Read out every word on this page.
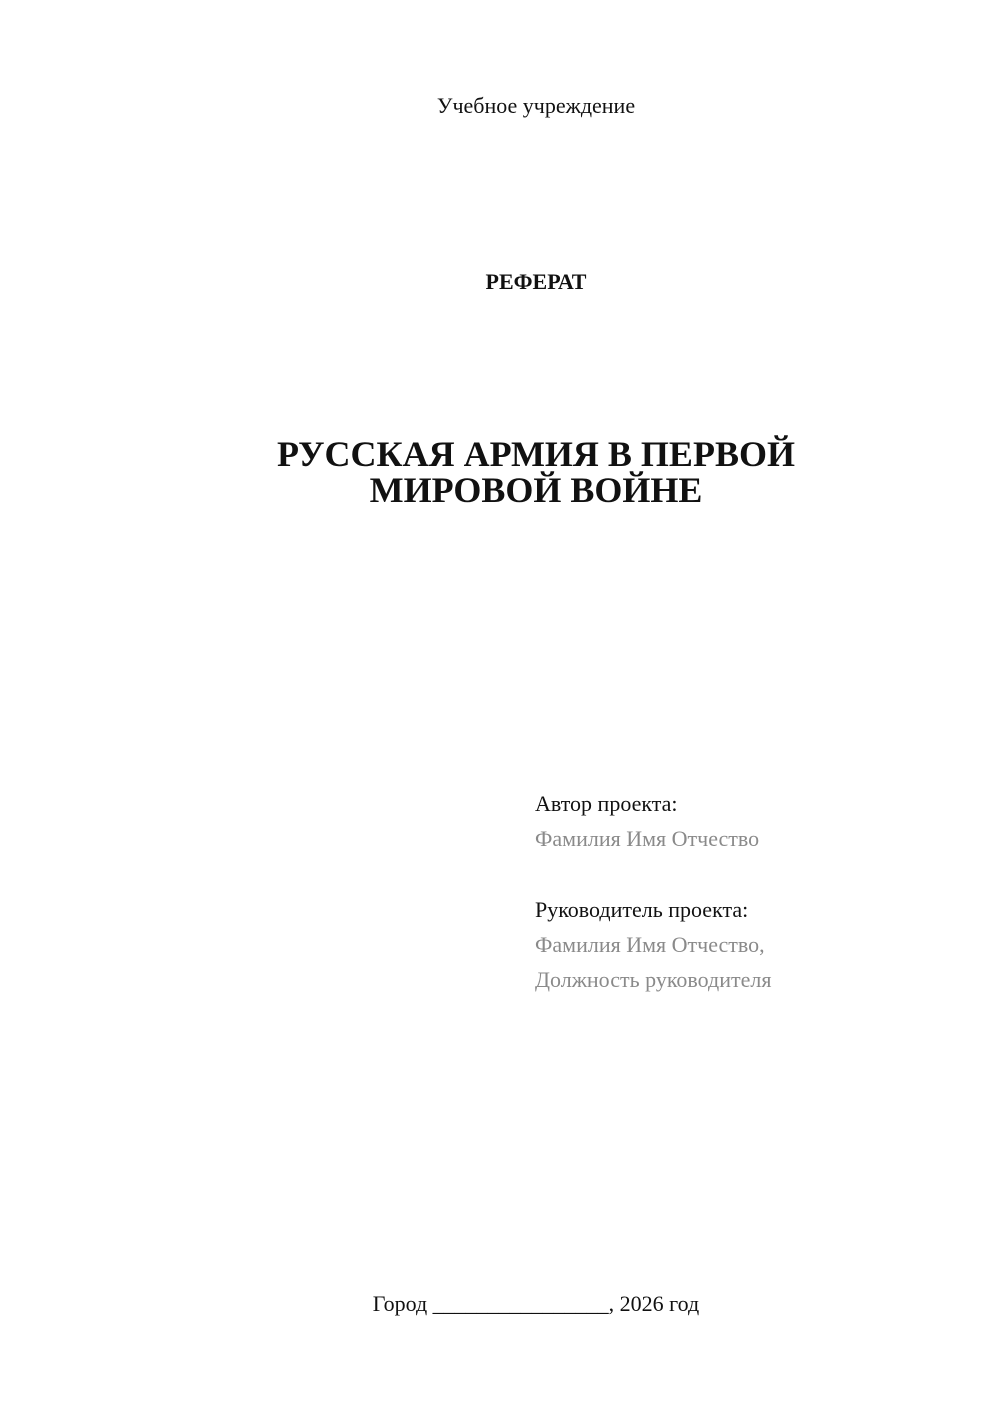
Учебное учреждение
РЕФЕРАТ
РУССКАЯ АРМИЯ В ПЕРВОЙ
МИРОВОЙ ВОЙНЕ
Автор проекта:
Фамилия Имя Отчество
Руководитель проекта:
Фамилия Имя Отчество,
Должность руководителя
Город ________________, 2026 год
